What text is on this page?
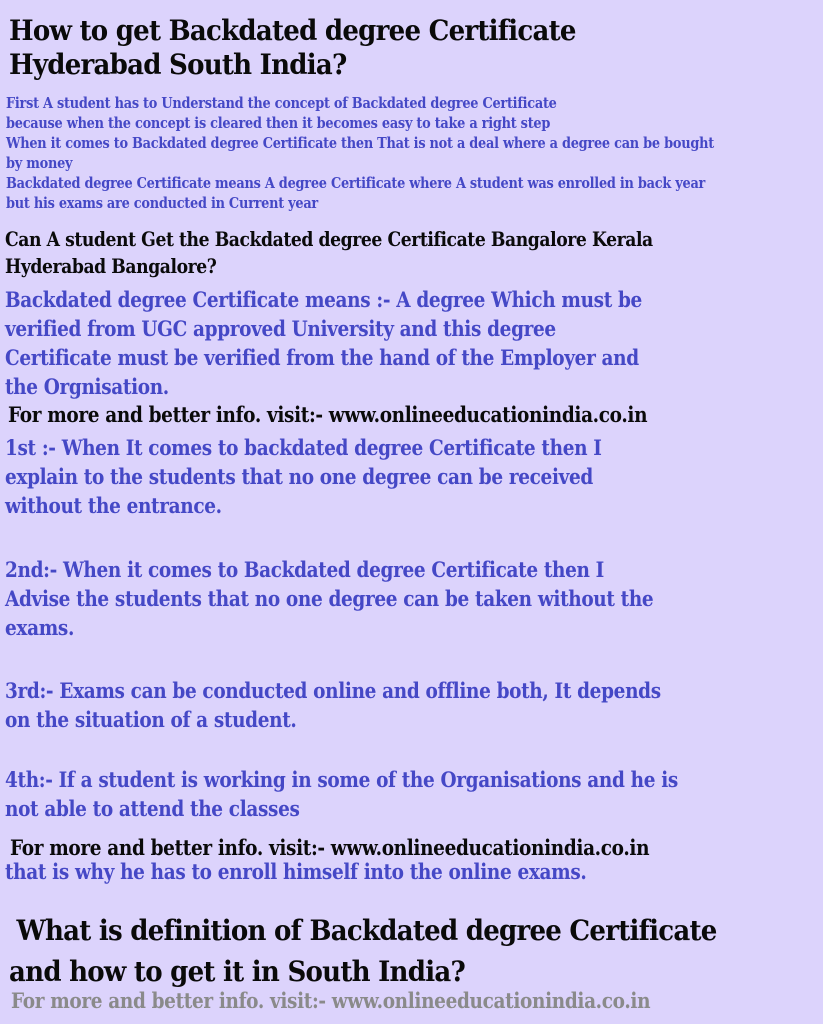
How to get Backdated degree Certificate
Hyderabad South India?
First A student has to Understand the concept of Backdated degree Certificate
because when the concept is cleared then it becomes easy to take a right step
When it comes to Backdated degree Certificate then That is not a deal where a degree can be bought
by money
Backdated degree Certificate means A degree Certificate where A student was enrolled in back year
but his exams are conducted in Current year
Can A student Get the Backdated degree Certificate Bangalore Kerala
Hyderabad Bangalore?
Backdated degree Certificate means :- A degree Which must be
verified from UGC approved University and this degree
Certificate must be verified from the hand of the Employer and
the Orgnisation.
For more and better info. visit:- www.onlineeducationindia.co.in
1st :- When It comes to backdated degree Certificate then I
explain to the students that no one degree can be received
without the entrance.
2nd:- When it comes to Backdated degree Certificate then I
Advise the students that no one degree can be taken without the
exams.
3rd:- Exams can be conducted online and offline both, It depends
on the situation of a student.
4th:- If a student is working in some of the Organisations and he is
not able to attend the classes
For more and better info. visit:- www.onlineeducationindia.co.in
that is why he has to enroll himself into the online exams.
What is definition of Backdated degree Certificate
and how to get it in South India?
For more and better info. visit:- www.onlineeducationindia.co.in
